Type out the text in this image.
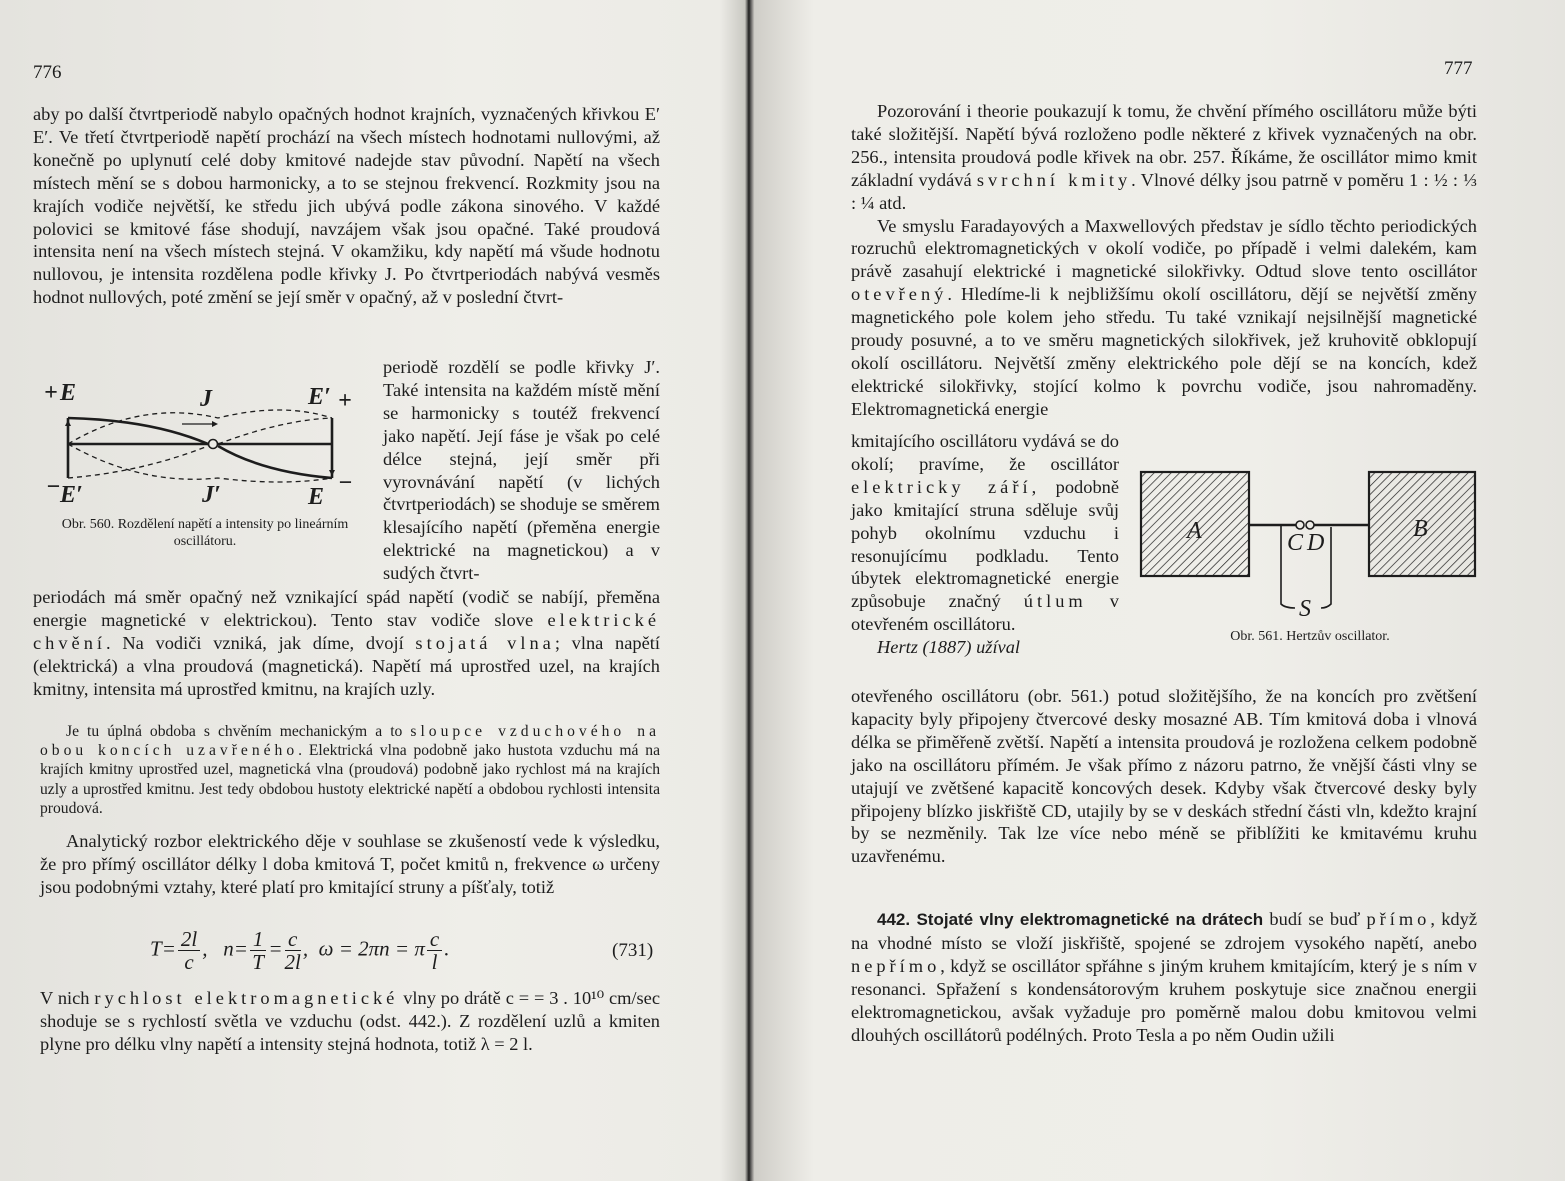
776

aby po další čtvrtperiodě nabylo opačných hodnot krajních, vyznačených křivkou E′ E′. Ve třetí čtvrtperiodě napětí prochází na všech místech hodnotami nullovými, až konečně po uplynutí celé doby kmitové nadejde stav původní. Napětí na všech místech mění se s dobou harmonicky, a to se stejnou frekvencí. Rozkmity jsou na krajích vodiče největší, ke středu jich ubývá podle zákona sinového. V každé polovici se kmitové fáse shodují, navzájem však jsou opačné. Také proudová intensita není na všech místech stejná. V okamžiku, kdy napětí má všude hodnotu nullovou, je intensita rozdělena podle křivky J. Po čtvrtperiodách nabývá vesměs hodnot nullových, poté změní se její směr v opačný, až v poslední čtvrt-

+ E	J	E′ +
− E′	J′	E
−
Obr. 560. Rozdělení napětí a intensity po lineárním oscillátoru.

periodě rozdělí se podle křivky J′. Také intensita na každém místě mění se harmonicky s toutéž frekvencí jako napětí. Její fáse je však po celé délce stejná, její směr při vyrovnávání napětí (v lichých čtvrtperiodách) se shoduje se směrem klesajícího napětí (přeměna energie elektrické na magnetickou) a v sudých čtvrt-

periodách má směr opačný než vznikající spád napětí (vodič se nabíjí, přeměna energie magnetické v elektrickou). Tento stav vodiče slove elektrické chvění. Na vodiči vzniká, jak díme, dvojí stojatá vlna; vlna napětí (elektrická) a vlna proudová (magnetická). Napětí má uprostřed uzel, na krajích kmitny, intensita má uprostřed kmitnu, na krajích uzly.

Je tu úplná obdoba s chvěním mechanickým a to sloupce vzduchového na obou koncích uzavřeného. Elektrická vlna podobně jako hustota vzduchu má na krajích kmitny uprostřed uzel, magnetická vlna (proudová) podobně jako rychlost má na krajích uzly a uprostřed kmitnu. Jest tedy obdobou hustoty elektrické napětí a obdobou rychlosti intensita proudová.

Analytický rozbor elektrického děje v souhlase se zkušeností vede k výsledku, že pro přímý oscillátor délky l doba kmitová T, počet kmitů n, frekvence ω určeny jsou podobnými vztahy, které platí pro kmitající struny a píšťaly, totiž

$T= \frac{2l}{c}$ ,   $n= \frac{1}{T} = \frac{c}{2l}$ ,  ω = 2πn = π $\frac{c}{l}$ .	(731)

V nich rychlost elektromagnetické vlny po drátě c = = 3 . 10¹⁰ cm/sec shoduje se s rychlostí světla ve vzduchu (odst. 442.). Z rozdělení uzlů a kmiten plyne pro délku vlny napětí a intensity stejná hodnota, totiž λ = 2 l.

777

Pozorování i theorie poukazují k tomu, že chvění přímého oscillátoru může býti také složitější. Napětí bývá rozloženo podle některé z křivek vyznačených na obr. 256., intensita proudová podle křivek na obr. 257. Říkáme, že oscillátor mimo kmit základní vydává svrchní kmity. Vlnové délky jsou patrně v poměru 1 : ½ : ⅓ : ¼ atd.

Ve smyslu Faradayových a Maxwellových představ je sídlo těchto periodických rozruchů elektromagnetických v okolí vodiče, po případě i velmi dalekém, kam právě zasahují elektrické i magnetické silokřivky. Odtud slove tento oscillátor otevřený. Hledíme-li k nejbližšímu okolí oscillátoru, dějí se největší změny magnetického pole kolem jeho středu. Tu také vznikají nejsilnější magnetické proudy posuvné, a to ve směru magnetických silokřivek, jež kruhovitě obklopují okolí oscillátoru. Největší změny elektrického pole dějí se na koncích, kdež elektrické silokřivky, stojící kolmo k povrchu vodiče, jsou nahromaděny. Elektromagnetická energie

kmitajícího oscillátoru vydává se do okolí; pravíme, že oscillátor elektricky září, podobně jako kmitající struna sděluje svůj pohyb okolnímu vzduchu i resonujícímu podkladu. Tento úbytek elektromagnetické energie způsobuje značný útlum v otevřeném oscillátoru.

Hertz (1887) užíval

A	B
C D
S
Obr. 561. Hertzův oscillator.

otevřeného oscillátoru (obr. 561.) potud složitějšího, že na koncích pro zvětšení kapacity byly připojeny čtvercové desky mosazné AB. Tím kmitová doba i vlnová délka se přiměřeně zvětší. Napětí a intensita proudová je rozložena celkem podobně jako na oscillátoru přímém. Je však přímo z názoru patrno, že vnější části vlny se utajují ve zvětšené kapacitě koncových desek. Kdyby však čtvercové desky byly připojeny blízko jiskřiště CD, utajily by se v deskách střední části vln, kdežto krajní by se nezměnily. Tak lze více nebo méně se přiblížiti ke kmitavému kruhu uzavřenému.

442. Stojaté vlny elektromagnetické na drátech budí se buď přímo, když na vhodné místo se vloží jiskřiště, spojené se zdrojem vysokého napětí, anebo nepřímo, když se oscillátor spřáhne s jiným kruhem kmitajícím, který je s ním v resonanci. Spřažení s kondensátorovým kruhem poskytuje sice značnou energii elektromagnetickou, avšak vyžaduje pro poměrně malou dobu kmitovou velmi dlouhých oscillátorů podélných. Proto Tesla a po něm Oudin užili
